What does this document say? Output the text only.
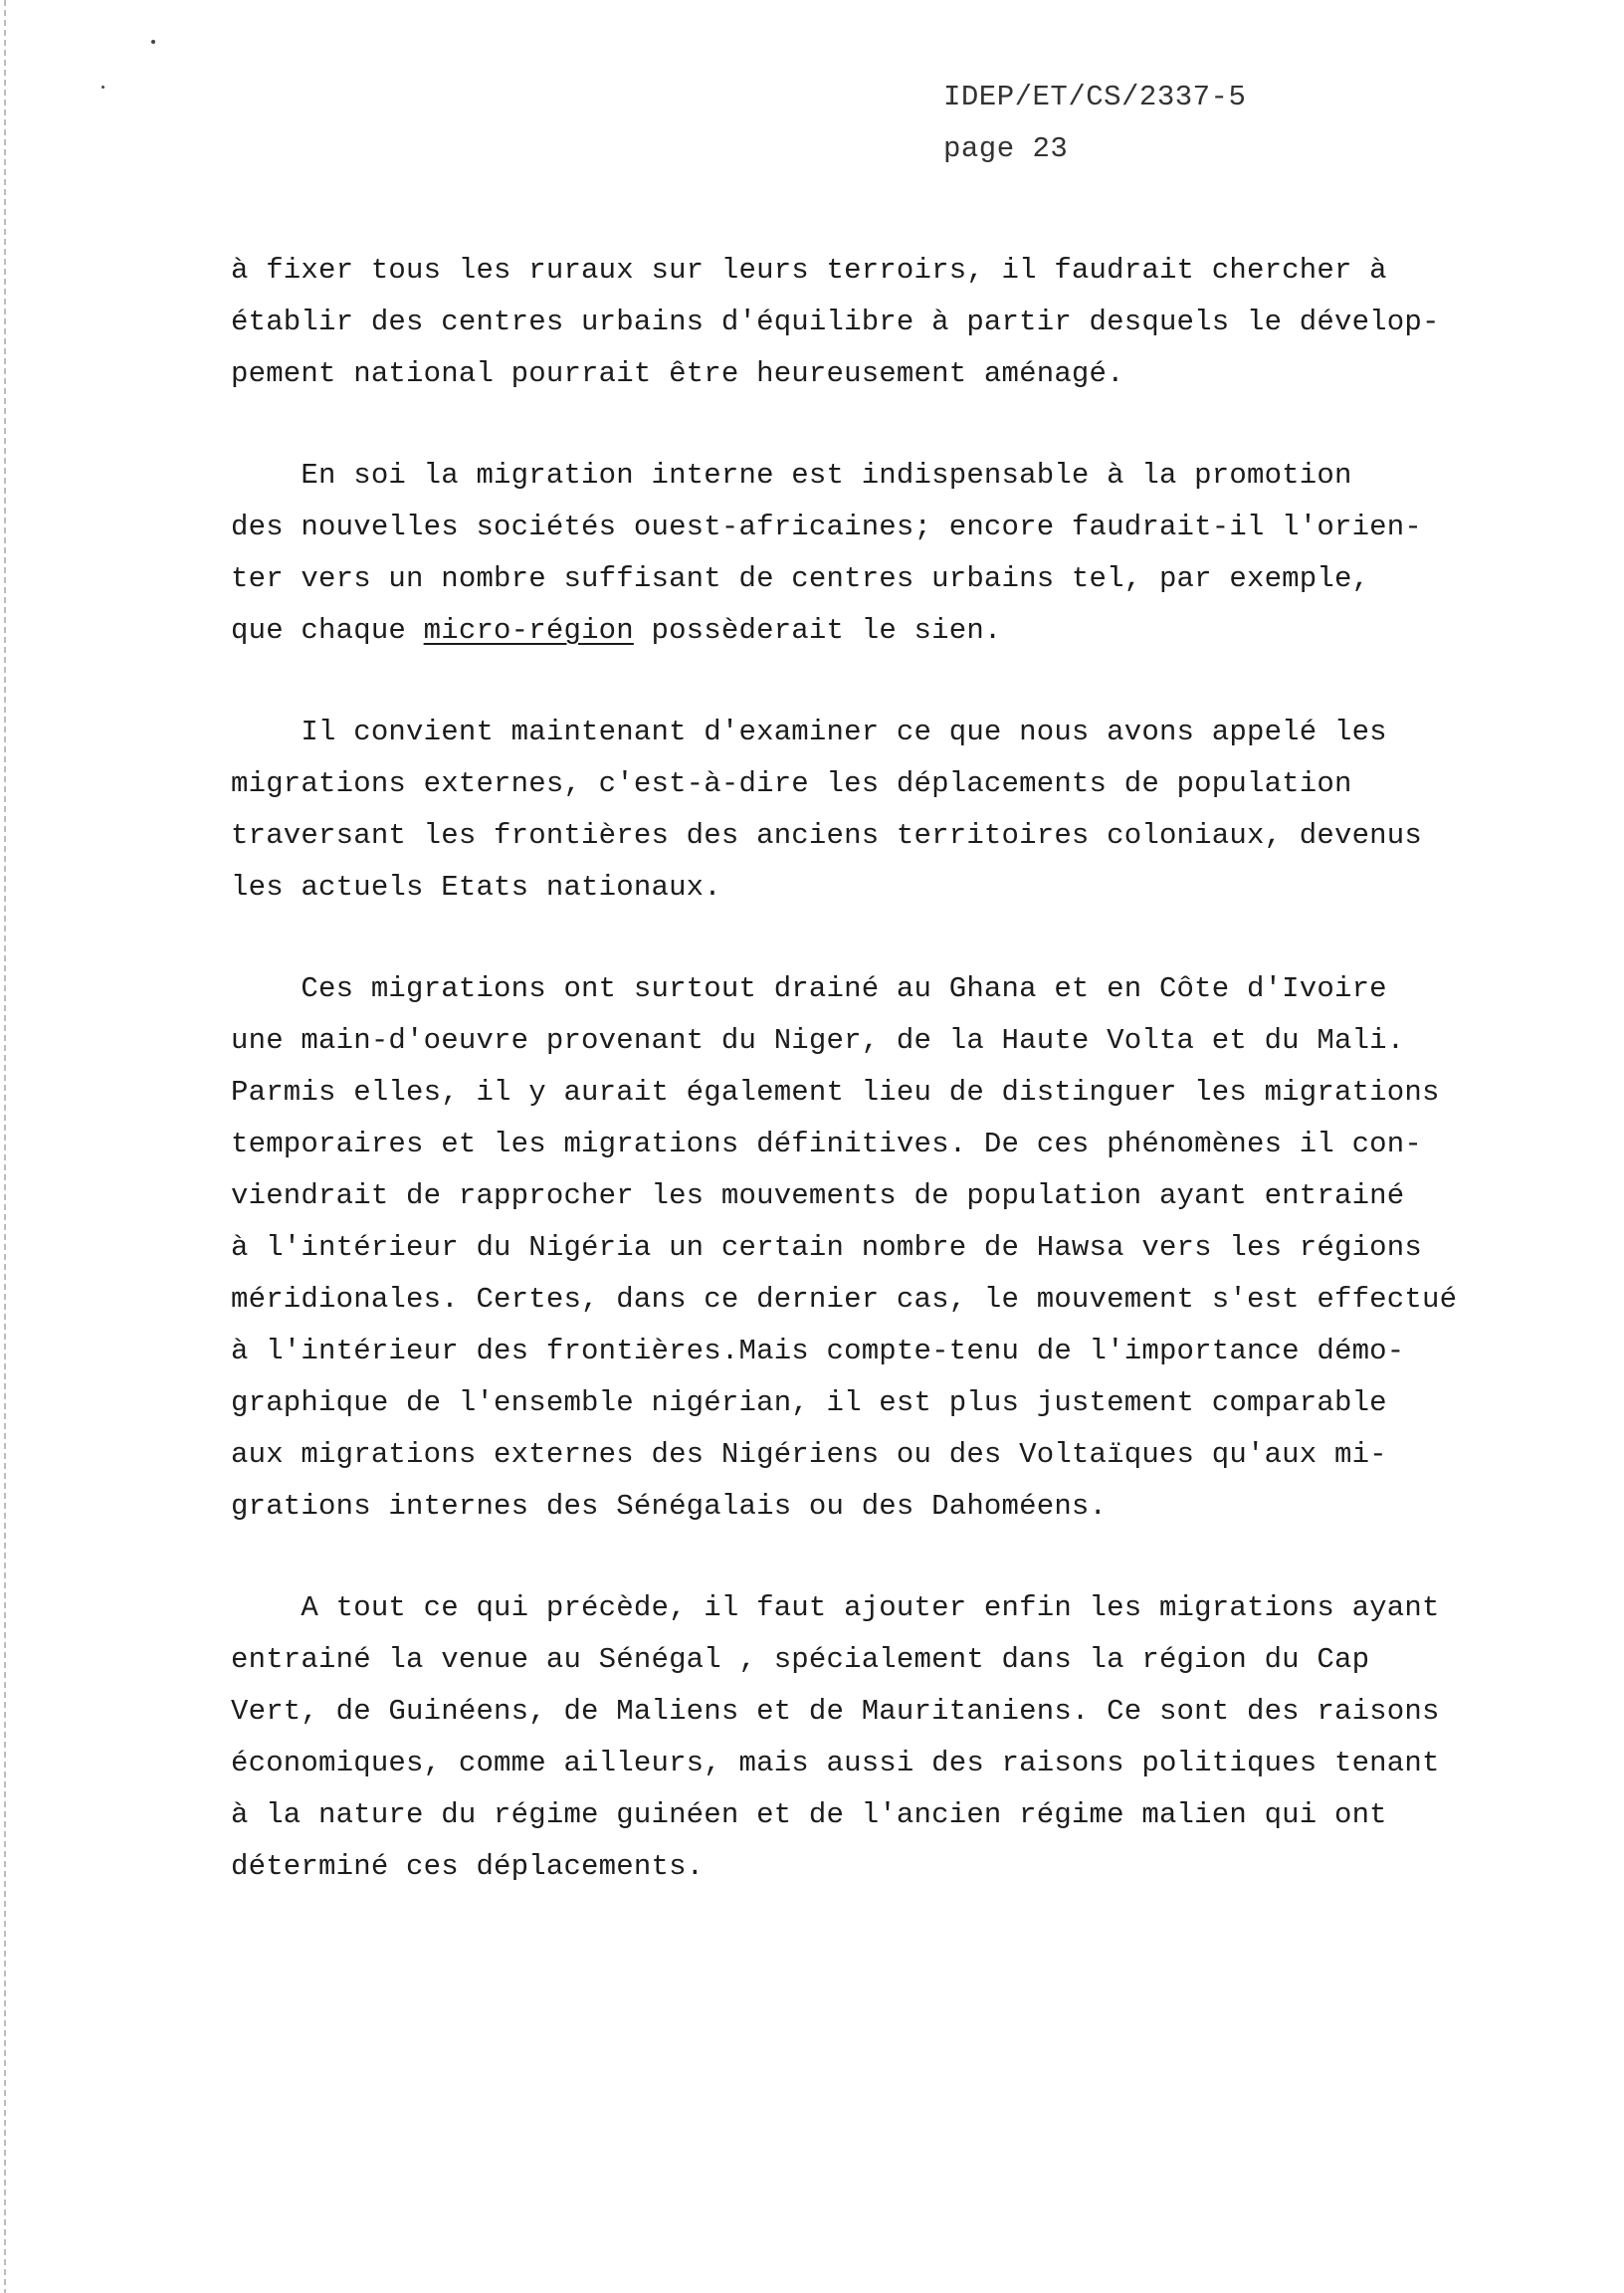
IDEP/ET/CS/2337-5
page 23
à fixer tous les ruraux sur leurs terroirs, il faudrait chercher à
établir des centres urbains d'équilibre à partir desquels le dévelop-
pement national pourrait être heureusement aménagé.
En soi la migration interne est indispensable à la promotion
des nouvelles sociétés ouest-africaines; encore faudrait-il l'orien-
ter vers un nombre suffisant de centres urbains tel, par exemple,
que chaque micro-région possèderait le sien.
Il convient maintenant d'examiner ce que nous avons appelé les
migrations externes, c'est-à-dire les déplacements de population
traversant les frontières des anciens territoires coloniaux, devenus
les actuels Etats nationaux.
Ces migrations ont surtout drainé au Ghana et en Côte d'Ivoire
une main-d'oeuvre provenant du Niger, de la Haute Volta et du Mali.
Parmis elles, il y aurait également lieu de distinguer les migrations
temporaires et les migrations définitives. De ces phénomènes il con-
viendrait de rapprocher les mouvements de population ayant entrainé
à l'intérieur du Nigéria un certain nombre de Hawsa vers les régions
méridionales. Certes, dans ce dernier cas, le mouvement s'est effectué
à l'intérieur des frontières.Mais compte-tenu de l'importance démo-
graphique de l'ensemble nigérian, il est plus justement comparable
aux migrations externes des Nigériens ou des Voltaïques qu'aux mi-
grations internes des Sénégalais ou des Dahoméens.
A tout ce qui précède, il faut ajouter enfin les migrations ayant
entrainé la venue au Sénégal , spécialement dans la région du Cap
Vert, de Guinéens, de Maliens et de Mauritaniens. Ce sont des raisons
économiques, comme ailleurs, mais aussi des raisons politiques tenant
à la nature du régime guinéen et de l'ancien régime malien qui ont
déterminé ces déplacements.
